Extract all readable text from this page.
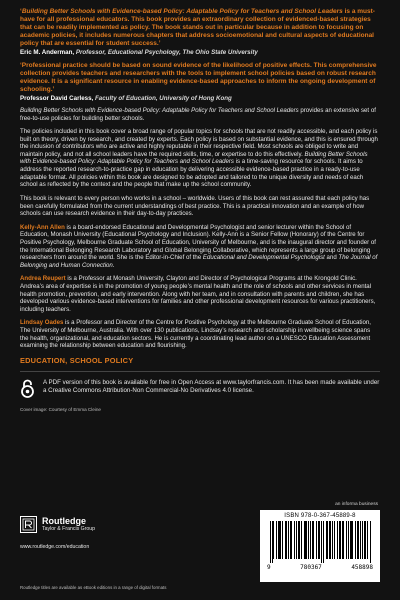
‘Building Better Schools with Evidence-based Policy: Adaptable Policy for Teachers and School Leaders is a must-have for all professional educators. This book provides an extraordinary collection of evidenced-based strategies that can be readily implemented as policy. The book stands out in particular because in addition to focusing on academic policies, it includes numerous chapters that address socioemotional and cultural aspects of educational policy that are essential for student success.’
Eric M. Anderman, Professor, Educational Psychology, The Ohio State University
‘Professional practice should be based on sound evidence of the likelihood of positive effects. This comprehensive collection provides teachers and researchers with the tools to implement school policies based on robust research evidence. It is a significant resource in enabling evidence-based approaches to inform the ongoing development of schooling.’
Professor David Carless, Faculty of Education, University of Hong Kong
Building Better Schools with Evidence-based Policy: Adaptable Policy for Teachers and School Leaders provides an extensive set of free-to-use policies for building better schools.

The policies included in this book cover a broad range of popular topics for schools that are not readily accessible, and each policy is built on theory, driven by research, and created by experts. Each policy is based on substantial evidence, and this is ensured through the inclusion of contributors who are active and highly reputable in their respective field. Most schools are obliged to write and maintain policy, and not all school leaders have the required skills, time, or expertise to do this effectively. Building Better Schools with Evidence-based Policy: Adaptable Policy for Teachers and School Leaders is a time-saving resource for schools. It aims to address the reported research-to-practice gap in education by delivering accessible evidence-based practice in a ready-to-use adaptable format. All policies within this book are designed to be adopted and tailored to the unique diversity and needs of each school as reflected by the context and the people that make up the school community.

This book is relevant to every person who works in a school – worldwide. Users of this book can rest assured that each policy has been carefully formulated from the current understandings of best practice. This is a practical innovation and an example of how schools can use research evidence in their day-to-day practices.

Kelly-Ann Allen is a board-endorsed Educational and Developmental Psychologist and senior lecturer within the School of Education, Monash University (Educational Psychology and Inclusion). Kelly-Ann is a Senior Fellow (Honorary) of the Centre for Positive Psychology, Melbourne Graduate School of Education, University of Melbourne, and is the inaugural director and founder of the International Belonging Research Laboratory and Global Belonging Collaborative, which represents a large group of belonging researchers from around the world. She is the Editor-in-Chief of the Educational and Developmental Psychologist and The Journal of Belonging and Human Connection.

Andrea Reupert is a Professor at Monash University, Clayton and Director of Psychological Programs at the Krongold Clinic. Andrea’s area of expertise is in the promotion of young people’s mental health and the role of schools and other services in mental health promotion, prevention, and early intervention. Along with her team, and in consultation with parents and children, she has developed various evidence-based interventions for families and other professional development resources for various practitioners, including teachers.

Lindsay Oades is a Professor and Director of the Centre for Positive Psychology at the Melbourne Graduate School of Education, The University of Melbourne, Australia. With over 130 publications, Lindsay’s research and scholarship in wellbeing science spans the health, organizational, and education sectors. He is currently a coordinating lead author on a UNESCO Education Assessment examining the relationship between education and flourishing.

EDUCATION, SCHOOL POLICY
A PDF version of this book is available for free in Open Access at www.taylorfrancis.com. It has been made available under a Creative Commons Attribution-Non Commercial-No Derivatives 4.0 license.
Cover image: Courtesy of Emma Cleine
Routledge
Taylor & Francis Group
www.routledge.com/education
Routledge titles are available as eBook editions in a range of digital formats
an informa business
ISBN 978-0-367-45889-8
9	780367	458898
